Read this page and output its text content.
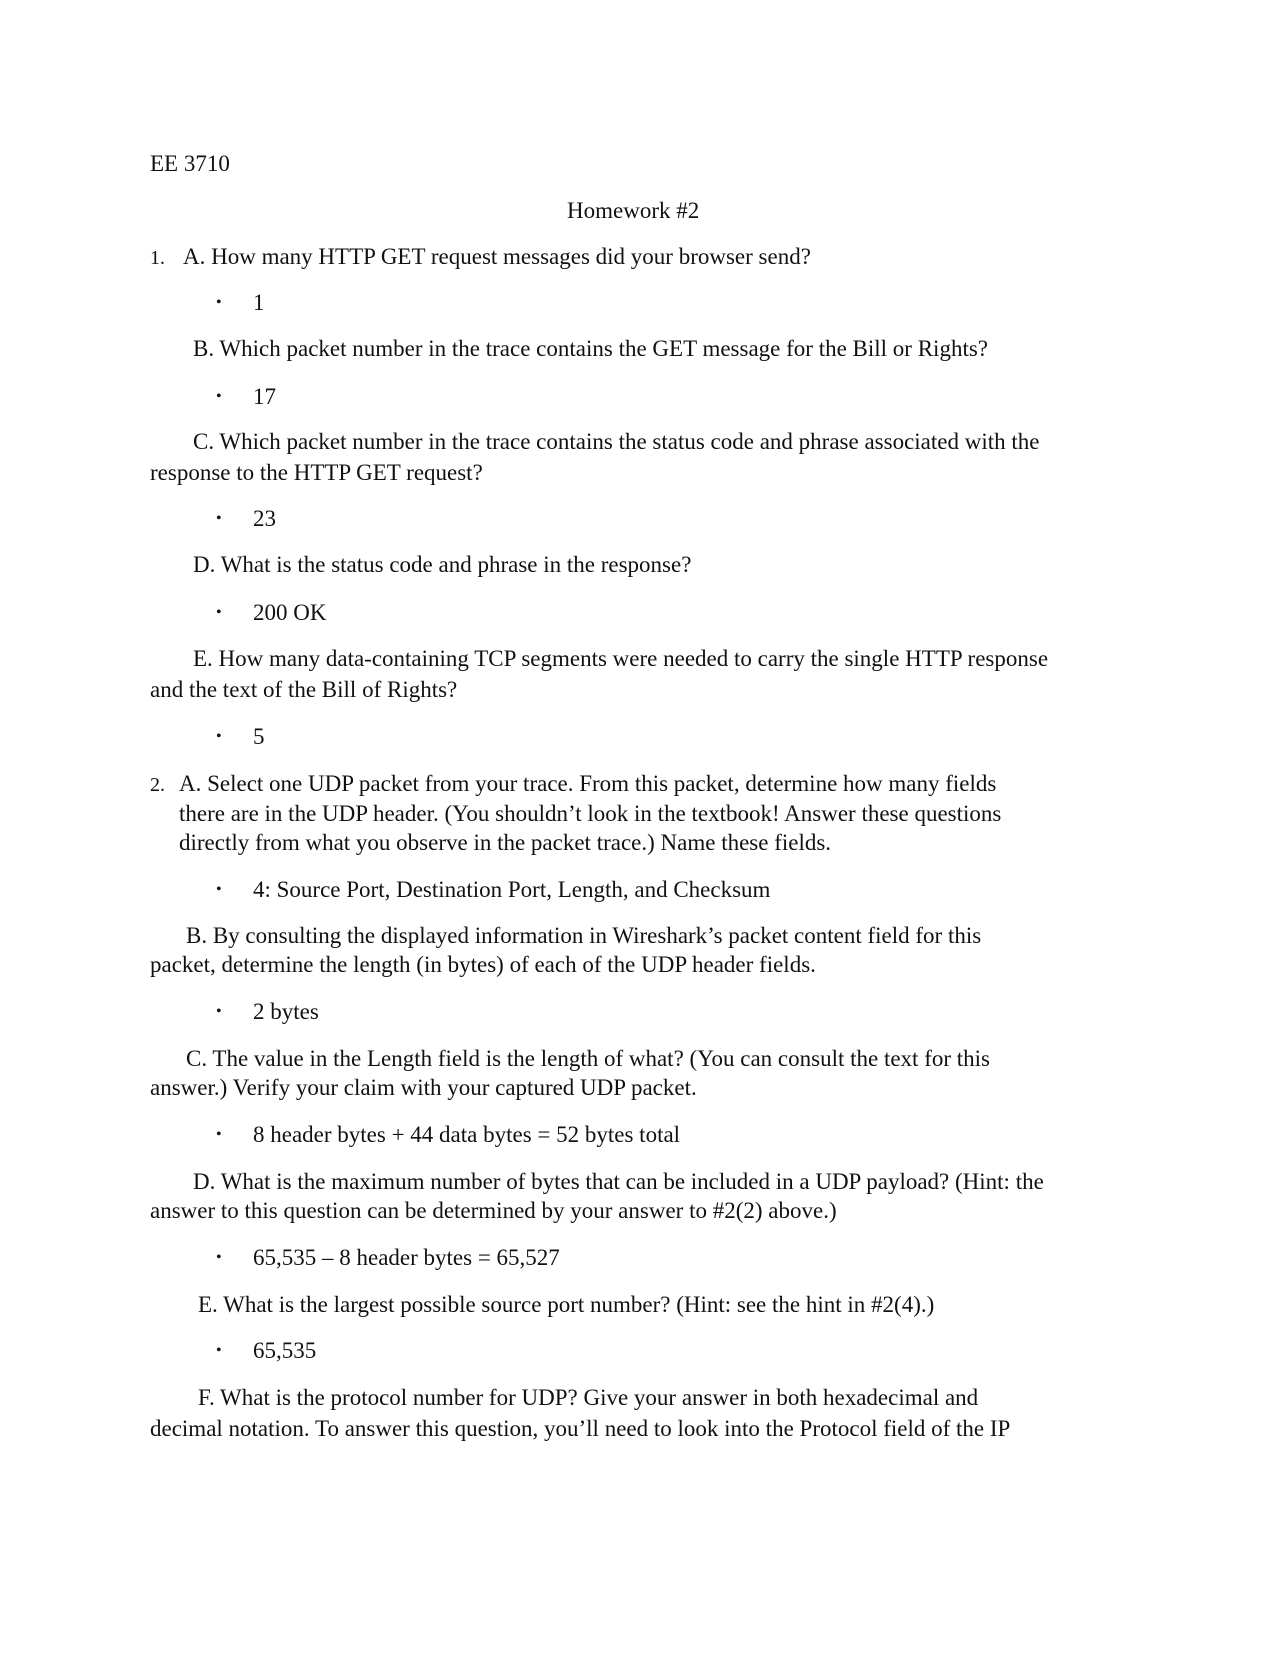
EE 3710
Homework #2
1. A. How many HTTP GET request messages did your browser send?
• 1
B. Which packet number in the trace contains the GET message for the Bill or Rights?
• 17
C. Which packet number in the trace contains the status code and phrase associated with the
response to the HTTP GET request?
• 23
D. What is the status code and phrase in the response?
• 200 OK
E. How many data-containing TCP segments were needed to carry the single HTTP response
and the text of the Bill of Rights?
• 5
2. A. Select one UDP packet from your trace. From this packet, determine how many fields
there are in the UDP header. (You shouldn’t look in the textbook! Answer these questions
directly from what you observe in the packet trace.) Name these fields.
• 4: Source Port, Destination Port, Length, and Checksum
B. By consulting the displayed information in Wireshark’s packet content field for this
packet, determine the length (in bytes) of each of the UDP header fields.
• 2 bytes
C. The value in the Length field is the length of what? (You can consult the text for this
answer.) Verify your claim with your captured UDP packet.
• 8 header bytes + 44 data bytes = 52 bytes total
D. What is the maximum number of bytes that can be included in a UDP payload? (Hint: the
answer to this question can be determined by your answer to #2(2) above.)
• 65,535 – 8 header bytes = 65,527
E. What is the largest possible source port number? (Hint: see the hint in #2(4).)
• 65,535
F. What is the protocol number for UDP? Give your answer in both hexadecimal and
decimal notation. To answer this question, you’ll need to look into the Protocol field of the IP
